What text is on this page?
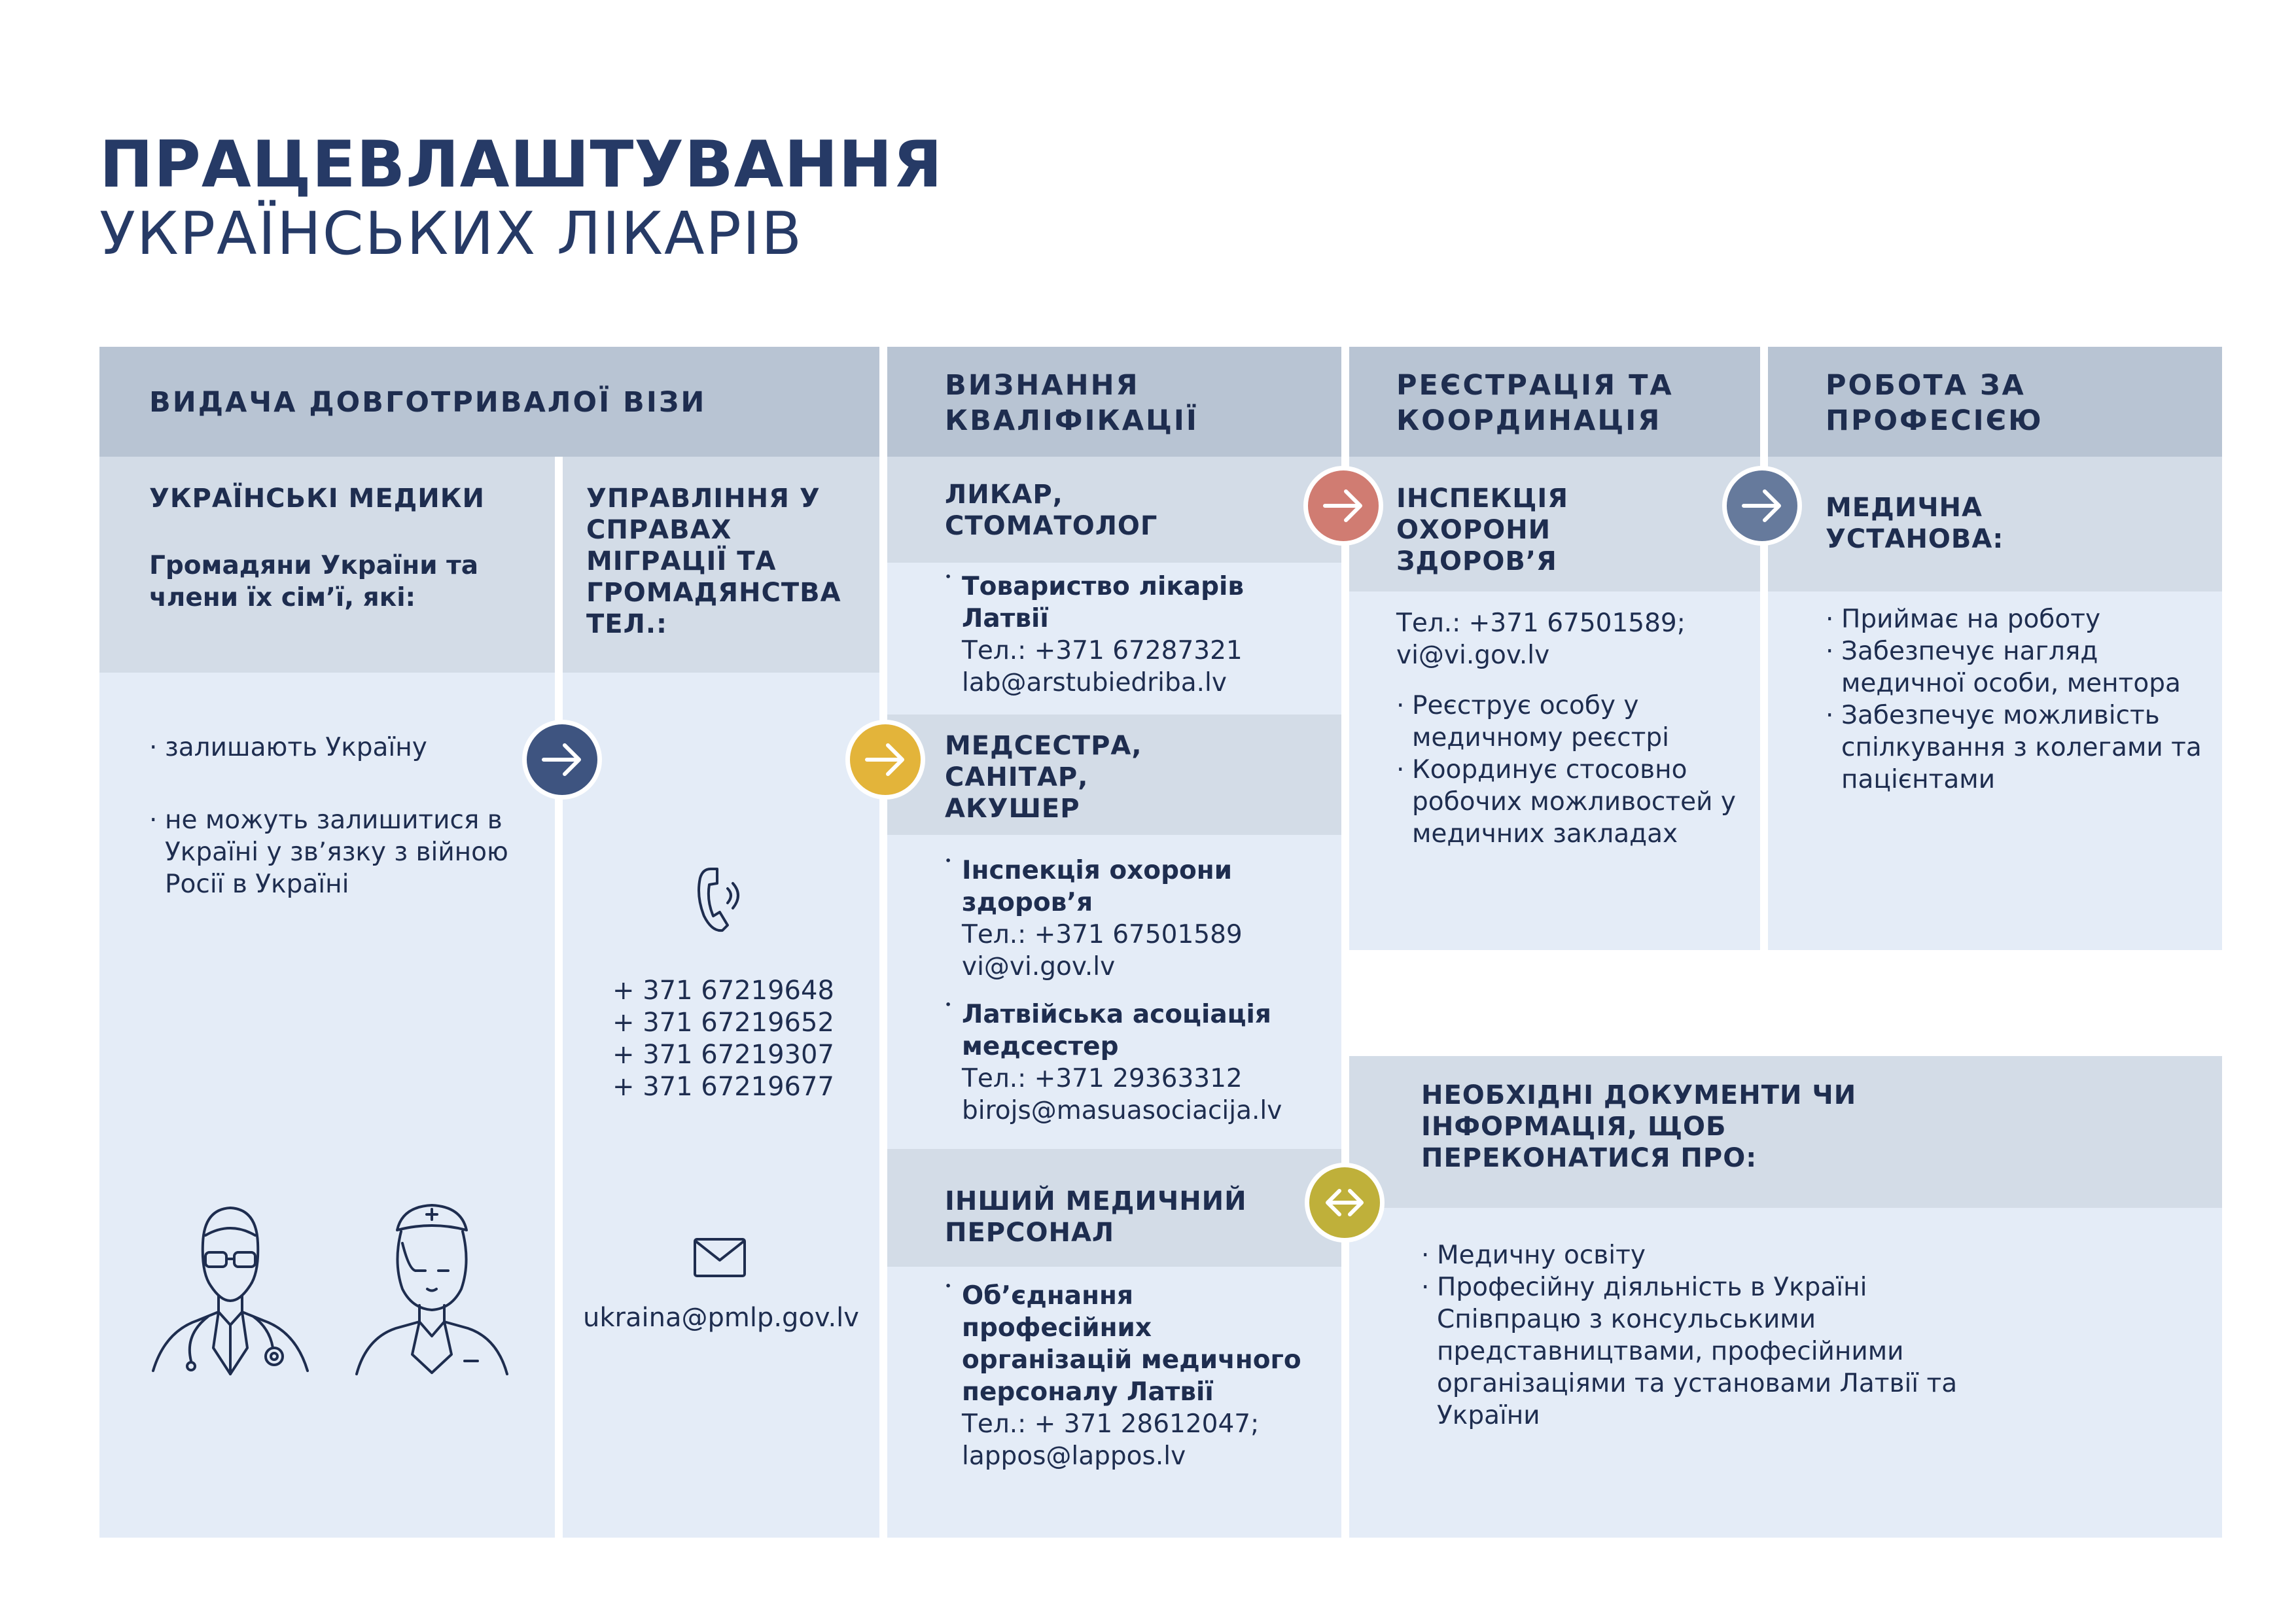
ПРАЦЕВЛАШТУВАННЯ
УКРАЇНСЬКИХ ЛІКАРІВ
ВИДАЧА ДОВГОТРИВАЛОЇ ВІЗИ
УКРАЇНСЬКІ МЕДИКИ
Громадяни України та члени їх сім’ї, які:
· залишають Україну
· не можуть залишитися в Україні у зв’язку з війною Росії в Україні
УПРАВЛІННЯ У СПРАВАХ МІГРАЦІЇ ТА ГРОМАДЯНСТВА ТЕЛ.:
+ 371 67219648
+ 371 67219652
+ 371 67219307
+ 371 67219677
ukraina@pmlp.gov.lv
ВИЗНАННЯ КВАЛІФІКАЦІЇ
ЛИКАР, СТОМАТОЛОГ
• Товариство лікарів Латвії
Тел.: +371 67287321
lab@arstubiedriba.lv
МЕДСЕСТРА, САНІТАР, АКУШЕР
• Інспекція охорони здоров’я
Тел.: +371 67501589
vi@vi.gov.lv
• Латвійська асоціація медсестер
Тел.: +371 29363312
birojs@masuasociacija.lv
ІНШИЙ МЕДИЧНИЙ ПЕРСОНАЛ
• Об’єднання професійних організацій медичного персоналу Латвії
Тел.: + 371 28612047;
lappos@lappos.lv
РЕЄСТРАЦІЯ ТА КООРДИНАЦІЯ
ІНСПЕКЦІЯ ОХОРОНИ ЗДОРОВ’Я
Тел.: +371 67501589;
vi@vi.gov.lv
· Реєструє особу у медичному реєстрі
· Координує стосовно робочих можливостей у медичних закладах
РОБОТА ЗА ПРОФЕСІЄЮ
МЕДИЧНА УСТАНОВА:
· Приймає на роботу
· Забезпечує нагляд медичної особи, ментора
· Забезпечує можливість спілкування з колегами та пацієнтами
НЕОБХІДНІ ДОКУМЕНТИ ЧИ ІНФОРМАЦІЯ, ЩОБ ПЕРЕКОНАТИСЯ ПРО:
· Медичну освіту
· Професійну діяльність в Україні Співпрацю з консульськими представництвами, професійними організаціями та установами Латвії та України
